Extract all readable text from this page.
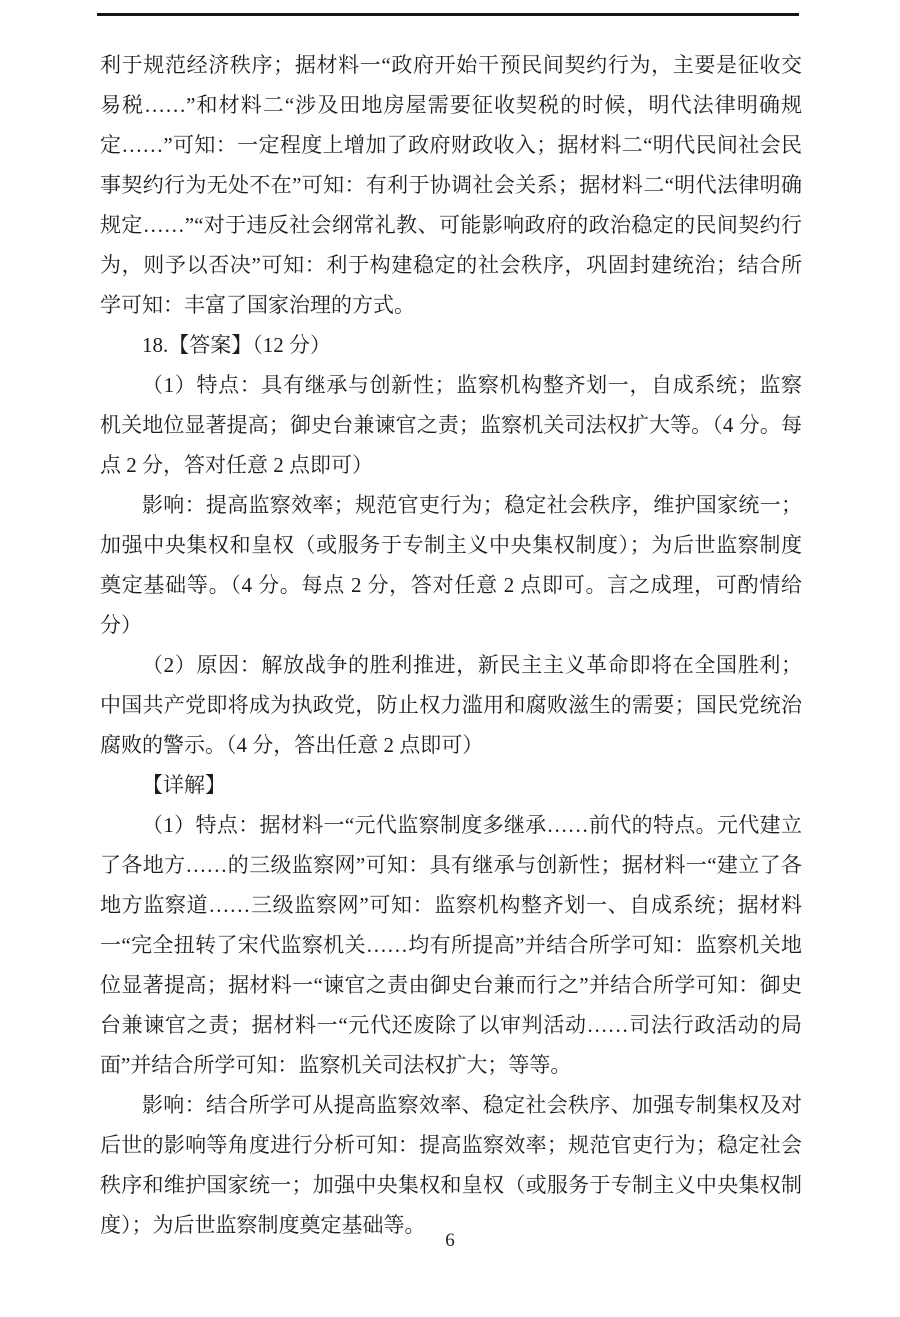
利于规范经济秩序；据材料一“政府开始干预民间契约行为，主要是征收交易税……”和材料二“涉及田地房屋需要征收契税的时候，明代法律明确规定……”可知：一定程度上增加了政府财政收入；据材料二“明代民间社会民事契约行为无处不在”可知：有利于协调社会关系；据材料二“明代法律明确规定……”“对于违反社会纲常礼教、可能影响政府的政治稳定的民间契约行为，则予以否决”可知：利于构建稳定的社会秩序，巩固封建统治；结合所学可知：丰富了国家治理的方式。

18.【答案】（12 分）

（1）特点：具有继承与创新性；监察机构整齐划一，自成系统；监察机关地位显著提高；御史台兼谏官之责；监察机关司法权扩大等。（4 分。每点 2 分，答对任意 2 点即可）

影响：提高监察效率；规范官吏行为；稳定社会秩序，维护国家统一；加强中央集权和皇权（或服务于专制主义中央集权制度）；为后世监察制度奠定基础等。（4 分。每点 2 分，答对任意 2 点即可。言之成理，可酌情给分）

（2）原因：解放战争的胜利推进，新民主主义革命即将在全国胜利；中国共产党即将成为执政党，防止权力滥用和腐败滋生的需要；国民党统治腐败的警示。（4 分，答出任意 2 点即可）

【详解】

（1）特点：据材料一“元代监察制度多继承……前代的特点。元代建立了各地方……的三级监察网”可知：具有继承与创新性；据材料一“建立了各地方监察道……三级监察网”可知：监察机构整齐划一、自成系统；据材料一“完全扭转了宋代监察机关……均有所提高”并结合所学可知：监察机关地位显著提高；据材料一“谏官之责由御史台兼而行之”并结合所学可知：御史台兼谏官之责；据材料一“元代还废除了以审判活动……司法行政活动的局面”并结合所学可知：监察机关司法权扩大；等等。

影响：结合所学可从提高监察效率、稳定社会秩序、加强专制集权及对后世的影响等角度进行分析可知：提高监察效率；规范官吏行为；稳定社会秩序和维护国家统一；加强中央集权和皇权（或服务于专制主义中央集权制度）；为后世监察制度奠定基础等。

6
